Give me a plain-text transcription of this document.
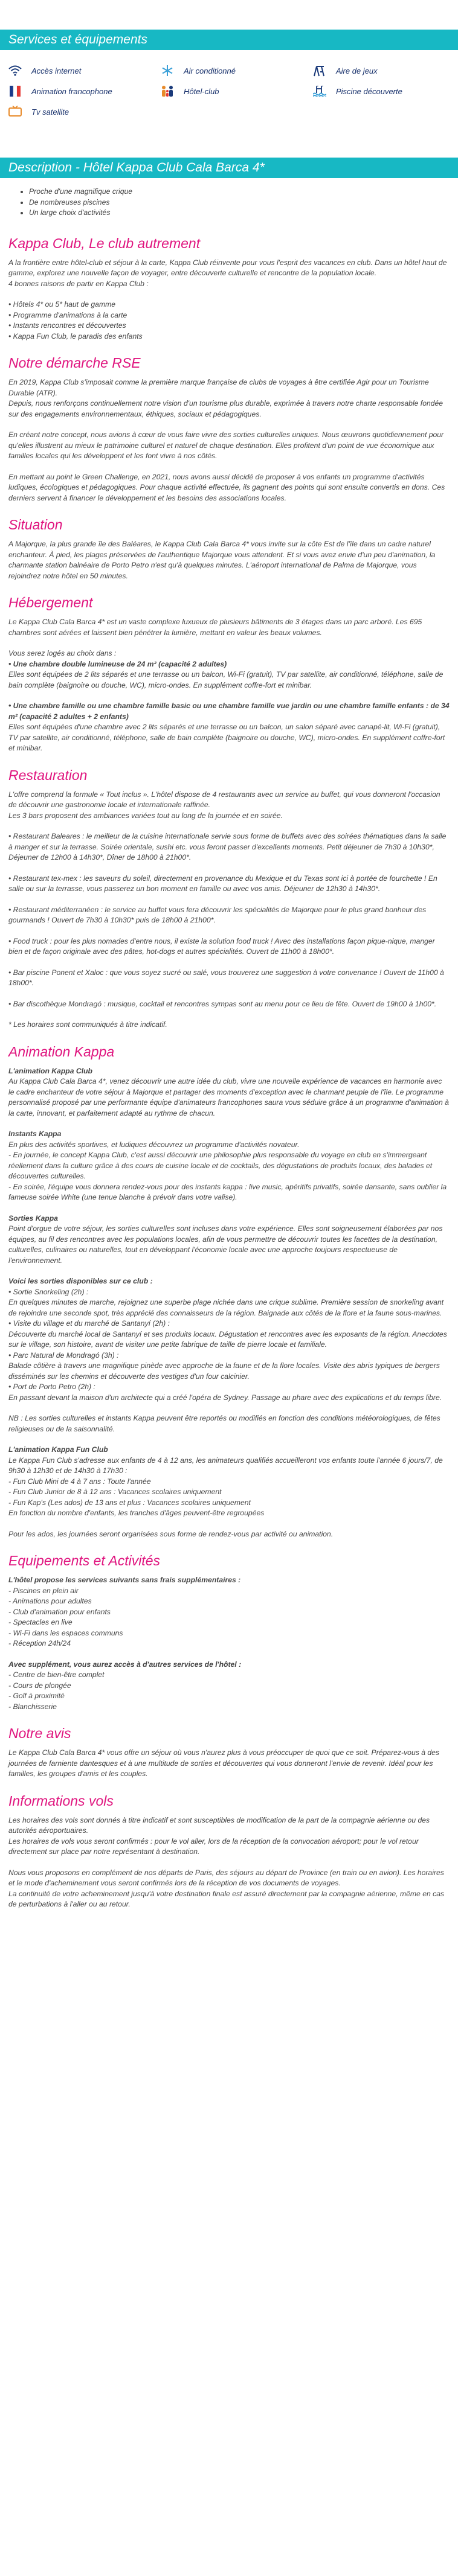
Services et équipements
Accès internet	Air conditionné	Aire de jeux
Animation francophone	Hôtel-club	Piscine découverte
Tv satellite
Description - Hôtel Kappa Club Cala Barca 4*
• Proche d'une magnifique crique
• De nombreuses piscines
• Un large choix d'activités
Kappa Club, Le club autrement

A la frontière entre hôtel-club et séjour à la carte, Kappa Club réinvente pour vous l'esprit des vacances en club. Dans un hôtel haut de gamme, explorez une nouvelle façon de voyager, entre découverte culturelle et rencontre de la population locale.

4 bonnes raisons de partir en Kappa Club :

• Hôtels 4* ou 5* haut de gamme

• Programme d'animations à la carte

• Instants rencontres et découvertes

• Kappa Fun Club, le paradis des enfants

Notre démarche RSE

En 2019, Kappa Club s'imposait comme la première marque française de clubs de voyages à être certifiée Agir pour un Tourisme Durable (ATR).

Depuis, nous renforçons continuellement notre vision d'un tourisme plus durable, exprimée à travers notre charte responsable fondée sur des engagements environnementaux, éthiques, sociaux et pédagogiques.

En créant notre concept, nous avions à cœur de vous faire vivre des sorties culturelles uniques. Nous œuvrons quotidiennement pour qu'elles illustrent au mieux le patrimoine culturel et naturel de chaque destination. Elles profitent d'un point de vue économique aux familles locales qui les développent et les font vivre à nos côtés.

En mettant au point le Green Challenge, en 2021, nous avons aussi décidé de proposer à vos enfants un programme d'activités ludiques, écologiques et pédagogiques. Pour chaque activité effectuée, ils gagnent des points qui sont ensuite convertis en dons. Ces derniers servent à financer le développement et les besoins des associations locales.

Situation

A Majorque, la plus grande île des Baléares, le Kappa Club Cala Barca 4* vous invite sur la côte Est de l'île dans un cadre naturel enchanteur. À pied, les plages préservées de l'authentique Majorque vous attendent. Et si vous avez envie d'un peu d'animation, la charmante station balnéaire de Porto Petro n'est qu'à quelques minutes. L'aéroport international de Palma de Majorque, vous rejoindrez notre hôtel en 50 minutes.

Hébergement

Le Kappa Club Cala Barca 4* est un vaste complexe luxueux de plusieurs bâtiments de 3 étages dans un parc arboré. Les 695 chambres sont aérées et laissent bien pénétrer la lumière, mettant en valeur les beaux volumes.

Vous serez logés au choix dans :

• Une chambre double lumineuse de 24 m² (capacité 2 adultes)

Elles sont équipées de 2 lits séparés et une terrasse ou un balcon, Wi-Fi (gratuit), TV par satellite, air conditionné, téléphone, salle de bain complète (baignoire ou douche, WC), micro-ondes. En supplément coffre-fort et minibar.

• Une chambre famille ou une chambre famille basic ou une chambre famille vue jardin ou une chambre famille enfants : de 34 m² (capacité 2 adultes + 2 enfants)

Elles sont équipées d'une chambre avec 2 lits séparés et une terrasse ou un balcon, un salon séparé avec canapé-lit, Wi-Fi (gratuit), TV par satellite, air conditionné, téléphone, salle de bain complète (baignoire ou douche, WC), micro-ondes. En supplément coffre-fort et minibar.

Restauration

L'offre comprend la formule « Tout inclus ». L'hôtel dispose de 4 restaurants avec un service au buffet, qui vous donneront l'occasion de découvrir une gastronomie locale et internationale raffinée.

Les 3 bars proposent des ambiances variées tout au long de la journée et en soirée.

• Restaurant Baleares : le meilleur de la cuisine internationale servie sous forme de buffets avec des soirées thématiques dans la salle à manger et sur la terrasse. Soirée orientale, sushi etc. vous feront passer d'excellents moments. Petit déjeuner de 7h30 à 10h30*, Déjeuner de 12h00 à 14h30*, Dîner de 18h00 à 21h00*.

• Restaurant tex-mex : les saveurs du soleil, directement en provenance du Mexique et du Texas sont ici à portée de fourchette ! En salle ou sur la terrasse, vous passerez un bon moment en famille ou avec vos amis. Déjeuner de 12h30 à 14h30*.

• Restaurant méditerranéen : le service au buffet vous fera découvrir les spécialités de Majorque pour le plus grand bonheur des gourmands ! Ouvert de 7h30 à 10h30* puis de 18h00 à 21h00*.

• Food truck : pour les plus nomades d'entre nous, il existe la solution food truck ! Avec des installations façon pique-nique, manger bien et de façon originale avec des pâtes, hot-dogs et autres spécialités. Ouvert de 11h00 à 18h00*.

• Bar piscine Ponent et Xaloc : que vous soyez sucré ou salé, vous trouverez une suggestion à votre convenance ! Ouvert de 11h00 à 18h00*.

• Bar discothèque Mondragó : musique, cocktail et rencontres sympas sont au menu pour ce lieu de fête. Ouvert de 19h00 à 1h00*.

* Les horaires sont communiqués à titre indicatif.

Animation Kappa

L'animation Kappa Club

Au Kappa Club Cala Barca 4*, venez découvrir une autre idée du club, vivre une nouvelle expérience de vacances en harmonie avec le cadre enchanteur de votre séjour à Majorque et partager des moments d'exception avec le charmant peuple de l'île. Le programme personnalisé proposé par une performante équipe d'animateurs francophones saura vous séduire grâce à un programme d'animation à la carte, innovant, et parfaitement adapté au rythme de chacun.

Instants Kappa

En plus des activités sportives, et ludiques découvrez un programme d'activités novateur.

- En journée, le concept Kappa Club, c'est aussi découvrir une philosophie plus responsable du voyage en club en s'immergeant réellement dans la culture grâce à des cours de cuisine locale et de cocktails, des dégustations de produits locaux, des balades et découvertes culturelles.

- En soirée, l'équipe vous donnera rendez-vous pour des instants kappa : live music, apéritifs privatifs, soirée dansante, sans oublier la fameuse soirée White (une tenue blanche à prévoir dans votre valise).

Sorties Kappa

Point d'orgue de votre séjour, les sorties culturelles sont incluses dans votre expérience. Elles sont soigneusement élaborées par nos équipes, au fil des rencontres avec les populations locales, afin de vous permettre de découvrir toutes les facettes de la destination, culturelles, culinaires ou naturelles, tout en développant l'économie locale avec une approche toujours respectueuse de l'environnement.

Voici les sorties disponibles sur ce club :

• Sortie Snorkeling (2h) :

En quelques minutes de marche, rejoignez une superbe plage nichée dans une crique sublime. Première session de snorkeling avant de rejoindre une seconde spot, très apprécié des connaisseurs de la région. Baignade aux côtés de la flore et la faune sous-marines.

• Visite du village et du marché de Santanyí (2h) :

Découverte du marché local de Santanyí et ses produits locaux. Dégustation et rencontres avec les exposants de la région. Anecdotes sur le village, son histoire, avant de visiter une petite fabrique de taille de pierre locale et familiale.

• Parc Natural de Mondragó (3h) :

Balade côtière à travers une magnifique pinède avec approche de la faune et de la flore locales. Visite des abris typiques de bergers disséminés sur les chemins et découverte des vestiges d'un four calcinier.

• Port de Porto Petro (2h) :

En passant devant la maison d'un architecte qui a créé l'opéra de Sydney. Passage au phare avec des explications et du temps libre.

NB : Les sorties culturelles et instants Kappa peuvent être reportés ou modifiés en fonction des conditions météorologiques, de fêtes religieuses ou de la saisonnalité.

L'animation Kappa Fun Club

Le Kappa Fun Club s'adresse aux enfants de 4 à 12 ans, les animateurs qualifiés accueilleront vos enfants toute l'année 6 jours/7, de 9h30 à 12h30 et de 14h30 à 17h30 :

- Fun Club Mini de 4 à 7 ans : Toute l'année

- Fun Club Junior de 8 à 12 ans : Vacances scolaires uniquement

- Fun Kap's (Les ados) de 13 ans et plus : Vacances scolaires uniquement

En fonction du nombre d'enfants, les tranches d'âges peuvent-être regroupées

Pour les ados, les journées seront organisées sous forme de rendez-vous par activité ou animation.

Equipements et Activités

L'hôtel propose les services suivants sans frais supplémentaires :

- Piscines en plein air

- Animations pour adultes

- Club d'animation pour enfants

- Spectacles en live

- Wi-Fi dans les espaces communs

- Réception 24h/24

Avec supplément, vous aurez accès à d'autres services de l'hôtel :

- Centre de bien-être complet

- Cours de plongée

- Golf à proximité

- Blanchisserie

Notre avis

Le Kappa Club Cala Barca 4* vous offre un séjour où vous n'aurez plus à vous préoccuper de quoi que ce soit. Préparez-vous à des journées de farniente dantesques et à une multitude de sorties et découvertes qui vous donneront l'envie de revenir. Idéal pour les familles, les groupes d'amis et les couples.

Informations vols

Les horaires des vols sont donnés à titre indicatif et sont susceptibles de modification de la part de la compagnie aérienne ou des autorités aéroportuaires.

Les horaires de vols vous seront confirmés : pour le vol aller, lors de la réception de la convocation aéroport; pour le vol retour directement sur place par notre représentant à destination.

Nous vous proposons en complément de nos départs de Paris, des séjours au départ de Province (en train ou en avion). Les horaires et le mode d'acheminement vous seront confirmés lors de la réception de vos documents de voyages.

La continuité de votre acheminement jusqu'à votre destination finale est assuré directement par la compagnie aérienne, même en cas de perturbations à l'aller ou au retour.
